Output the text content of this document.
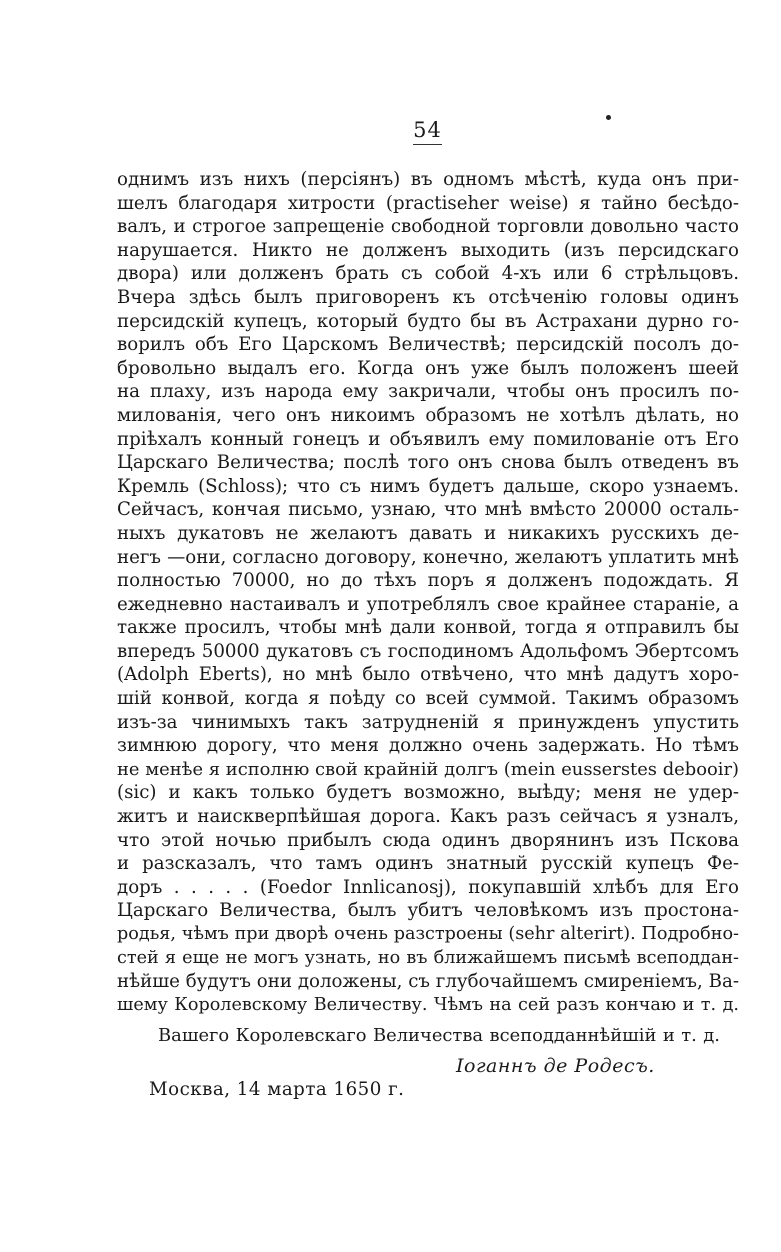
54
однимъ изъ нихъ (персіянъ) въ одномъ мѣстѣ, куда онъ при-
шелъ благодаря хитрости (practiseher weise) я тайно бесѣдо-
валъ, и строгое запрещеніе свободной торговли довольно часто
нарушается. Никто не долженъ выходить (изъ персидскаго
двора) или долженъ брать съ собой 4-хъ или 6 стрѣльцовъ.
Вчера здѣсь былъ приговоренъ къ отсѣченію головы одинъ
персидскій купецъ, который будто бы въ Астрахани дурно го-
ворилъ объ Его Царскомъ Величествѣ; персидскій посолъ до-
бровольно выдалъ его. Когда онъ уже былъ положенъ шеей
на плаху, изъ народа ему закричали, чтобы онъ просилъ по-
милованія, чего онъ никоимъ образомъ не хотѣлъ дѣлать, но
пріѣхалъ конный гонецъ и объявилъ ему помилованіе отъ Его
Царскаго Величества; послѣ того онъ снова былъ отведенъ въ
Кремль (Schloss); что съ нимъ будетъ дальше, скоро узнаемъ.
Сейчасъ, кончая письмо, узнаю, что мнѣ вмѣсто 20000 осталь-
ныхъ дукатовъ не желаютъ давать и никакихъ русскихъ де-
негъ —они, согласно договору, конечно, желаютъ уплатить мнѣ
полностью 70000, но до тѣхъ поръ я долженъ подождать. Я
ежедневно настаивалъ и употреблялъ свое крайнее стараніе, а
также просилъ, чтобы мнѣ дали конвой, тогда я отправилъ бы
впередъ 50000 дукатовъ съ господиномъ Адольфомъ Эбертсомъ
(Adolph Eberts), но мнѣ было отвѣчено, что мнѣ дадутъ хоро-
шій конвой, когда я поѣду со всей суммой. Такимъ образомъ
изъ-за чинимыхъ такъ затрудненій я принужденъ упустить
зимнюю дорогу, что меня должно очень задержать. Но тѣмъ
не менѣе я исполню свой крайній долгъ (mein eusserstes debooir)
(sic) и какъ только будетъ возможно, выѣду; меня не удер-
житъ и наискверпѣйшая дорога. Какъ разъ сейчасъ я узналъ,
что этой ночью прибылъ сюда одинъ дворянинъ изъ Пскова
и разсказалъ, что тамъ одинъ знатный русскій купецъ Фе-
доръ . . . . . (Foedor Innlicanosj), покупавшій хлѣбъ для Его
Царскаго Величества, былъ убитъ человѣкомъ изъ простона-
родья, чѣмъ при дворѣ очень разстроены (sehr alterirt). Подробно-
стей я еще не могъ узнать, но въ ближайшемъ письмѣ всеподдан-
нѣйше будутъ они доложены, съ глубочайшемъ смиреніемъ, Ва-
шему Королевскому Величеству. Чѣмъ на сей разъ кончаю и т. д.
Вашего Королевскаго Величества всеподданнѣйшій и т. д.
Іоганнъ де Родесъ.
Москва, 14 марта 1650 г.
